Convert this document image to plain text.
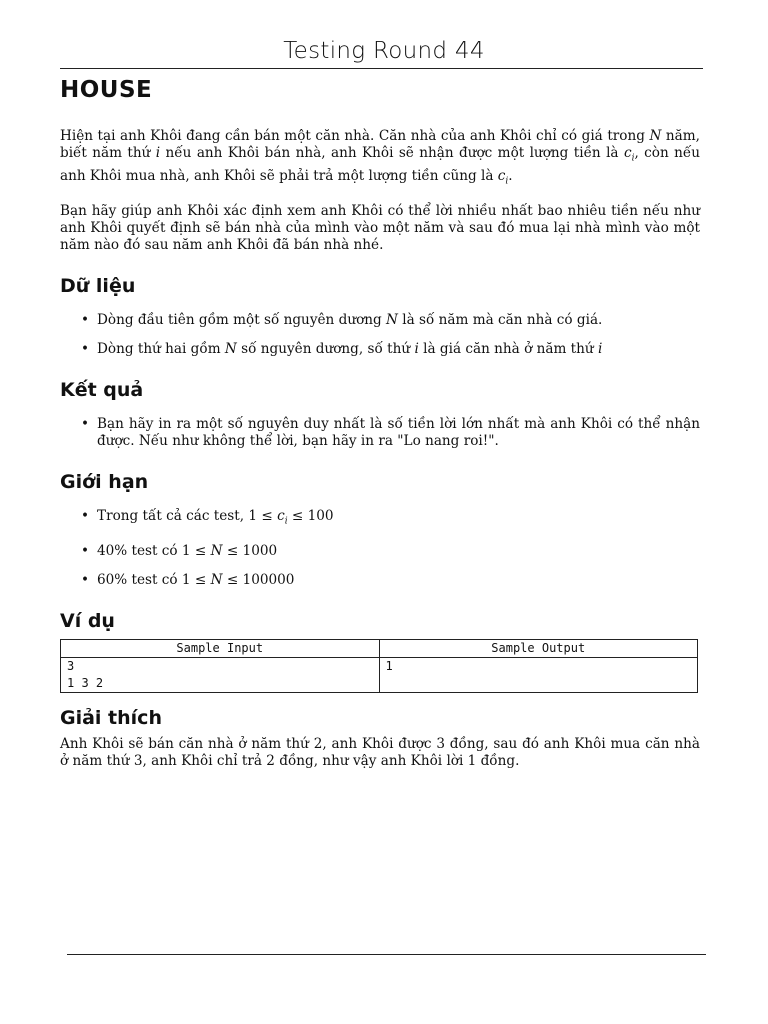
Testing Round 44
HOUSE

Hiện tại anh Khôi đang cần bán một căn nhà. Căn nhà của anh Khôi chỉ có giá trong N năm, biết năm thứ i nếu anh Khôi bán nhà, anh Khôi sẽ nhận được một lượng tiền là $c_i$, còn nếu anh Khôi mua nhà, anh Khôi sẽ phải trả một lượng tiền cũng là $c_i$.

Bạn hãy giúp anh Khôi xác định xem anh Khôi có thể lời nhiều nhất bao nhiêu tiền nếu như anh Khôi quyết định sẽ bán nhà của mình vào một năm và sau đó mua lại nhà mình vào một năm nào đó sau năm anh Khôi đã bán nhà nhé.

Dữ liệu
• Dòng đầu tiên gồm một số nguyên dương N là số năm mà căn nhà có giá.
• Dòng thứ hai gồm N số nguyên dương, số thứ i là giá căn nhà ở năm thứ i
Kết quả
• Bạn hãy in ra một số nguyên duy nhất là số tiền lời lớn nhất mà anh Khôi có thể nhận được. Nếu như không thể lời, bạn hãy in ra "Lo nang roi!".
Giới hạn
• Trong tất cả các test, $1 \le c_i \le 100$
• 40% test có 1 ≤ N ≤ 1000
• 60% test có 1 ≤ N ≤ 100000
Ví dụ
Sample Input	Sample Output

3
1 3 2	1
Giải thích

Anh Khôi sẽ bán căn nhà ở năm thứ 2, anh Khôi được 3 đồng, sau đó anh Khôi mua căn nhà ở năm thứ 3, anh Khôi chỉ trả 2 đồng, như vậy anh Khôi lời 1 đồng.
